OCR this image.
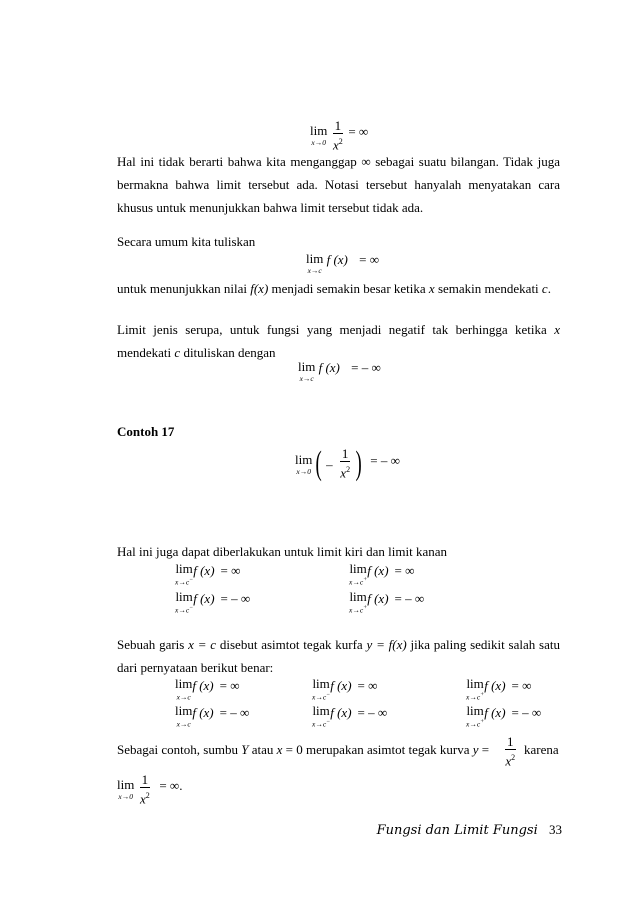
lim
x→0
$\frac{1}{x^2}$ = ∞
Hal ini tidak berarti bahwa kita menganggap ∞ sebagai suatu bilangan. Tidak juga bermakna bahwa limit tersebut ada. Notasi tersebut hanyalah menyatakan cara khusus untuk menunjukkan bahwa limit tersebut tidak ada.
Secara umum kita tuliskan
lim
x→c
f (x) = ∞
untuk menunjukkan nilai f(x) menjadi semakin besar ketika x semakin mendekati c.
Limit jenis serupa, untuk fungsi yang menjadi negatif tak berhingga ketika x mendekati c dituliskan dengan
lim
x→c
f (x) = – ∞
Contoh 17
lim
x→0 ( – $\frac{1}{x^2}$ ) = – ∞
Hal ini juga dapat diberlakukan untuk limit kiri dan limit kanan
lim
x→c−
f (x) = ∞	lim
x→c+
f (x) = ∞
lim
x→c−
f (x) = – ∞	lim
x→c+
f (x) = – ∞
Sebuah garis x = c disebut asimtot tegak kurfa y = f(x) jika paling sedikit salah satu dari pernyataan berikut benar:
lim
x→c
f (x) = ∞	lim
x→c−
f (x) = ∞	lim
x→c+
f (x) = ∞
lim
x→c
f (x) = – ∞	lim
x→c−
f (x) = – ∞	lim
x→c+
f (x) = – ∞
Sebagai contoh, sumbu Y atau x = 0 merupakan asimtot tegak kurva $y = \frac{1}{x^2}$ karena
lim
x→0
$\frac{1}{x^2}$ = ∞.
Fungsi dan Limit Fungsi 33
